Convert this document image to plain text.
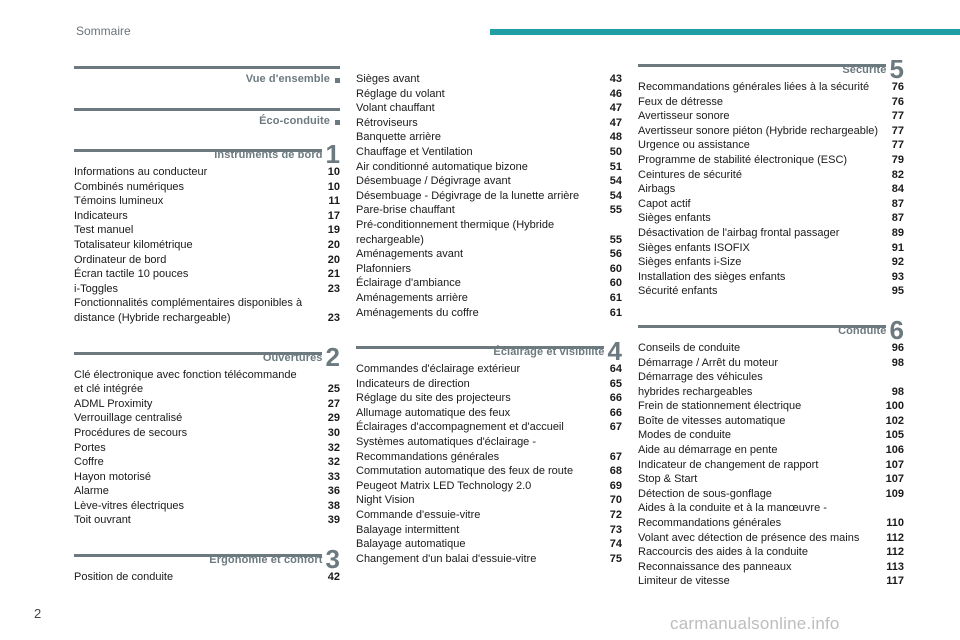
Sommaire
Vue d'ensemble
Éco-conduite
Instruments de bord 1
Informations au conducteur	10
Combinés numériques	10
Témoins lumineux	11
Indicateurs	17
Test manuel	19
Totalisateur kilométrique	20
Ordinateur de bord	20
Écran tactile 10 pouces	21
i-Toggles	23
Fonctionnalités complémentaires disponibles à
distance (Hybride rechargeable)	23
Ouvertures 2
Clé électronique avec fonction télécommande
et clé intégrée	25
ADML Proximity	27
Verrouillage centralisé	29
Procédures de secours	30
Portes	32
Coffre	32
Hayon motorisé	33
Alarme	36
Lève-vitres électriques	38
Toit ouvrant	39
Ergonomie et confort 3
Position de conduite	42
Sièges avant	43
Réglage du volant	46
Volant chauffant	47
Rétroviseurs	47
Banquette arrière	48
Chauffage et Ventilation	50
Air conditionné automatique bizone	51
Désembuage / Dégivrage avant	54
Désembuage - Dégivrage de la lunette arrière	54
Pare-brise chauffant	55
Pré-conditionnement thermique (Hybride
rechargeable)	55
Aménagements avant	56
Plafonniers	60
Éclairage d'ambiance	60
Aménagements arrière	61
Aménagements du coffre	61
Éclairage et visibilité 4
Commandes d'éclairage extérieur	64
Indicateurs de direction	65
Réglage du site des projecteurs	66
Allumage automatique des feux	66
Éclairages d'accompagnement et d'accueil	67
Systèmes automatiques d'éclairage -
Recommandations générales	67
Commutation automatique des feux de route	68
Peugeot Matrix LED Technology 2.0	69
Night Vision	70
Commande d'essuie-vitre	72
Balayage intermittent	73
Balayage automatique	74
Changement d'un balai d'essuie-vitre	75
Sécurité 5
Recommandations générales liées à la sécurité	76
Feux de détresse	76
Avertisseur sonore	77
Avertisseur sonore piéton (Hybride rechargeable)	77
Urgence ou assistance	77
Programme de stabilité électronique (ESC)	79
Ceintures de sécurité	82
Airbags	84
Capot actif	87
Sièges enfants	87
Désactivation de l'airbag frontal passager	89
Sièges enfants ISOFIX	91
Sièges enfants i-Size	92
Installation des sièges enfants	93
Sécurité enfants	95
Conduite 6
Conseils de conduite	96
Démarrage / Arrêt du moteur	98
Démarrage des véhicules
hybrides rechargeables	98
Frein de stationnement électrique	100
Boîte de vitesses automatique	102
Modes de conduite	105
Aide au démarrage en pente	106
Indicateur de changement de rapport	107
Stop & Start	107
Détection de sous-gonflage	109
Aides à la conduite et à la manœuvre -
Recommandations générales	110
Volant avec détection de présence des mains	112
Raccourcis des aides à la conduite	112
Reconnaissance des panneaux	113
Limiteur de vitesse	117
2
carmanualsonline.info
